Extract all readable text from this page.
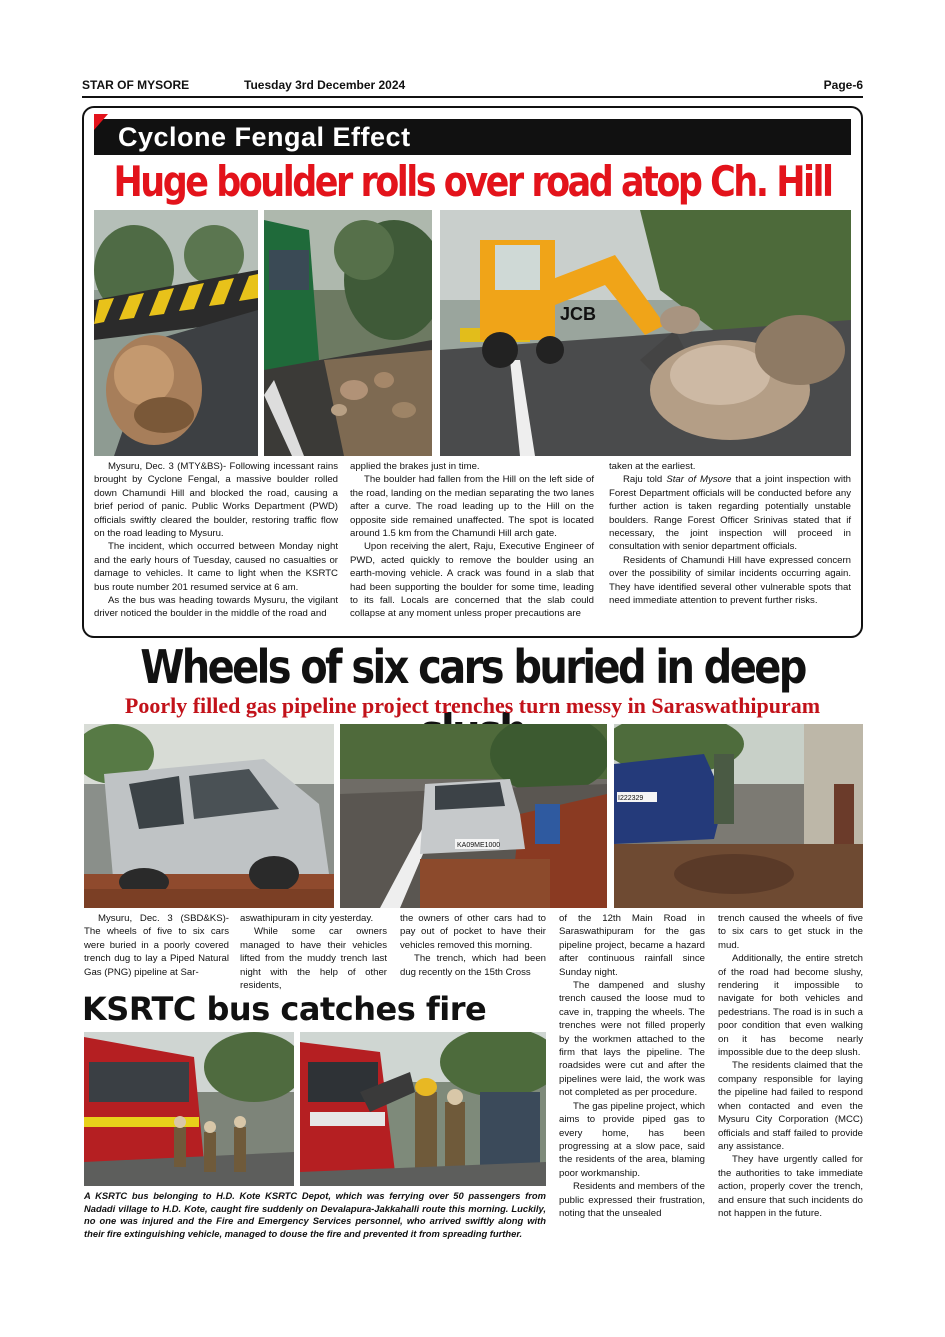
STAR OF MYSORE	Tuesday 3rd December 2024	Page-6
Cyclone Fengal Effect
Huge boulder rolls over road atop Ch. Hill
JCB

Mysuru, Dec. 3 (MTY&BS)- Following incessant rains brought by Cyclone Fengal, a massive boulder rolled down Chamundi Hill and blocked the road, causing a brief period of panic. Public Works Department (PWD) officials swiftly cleared the boulder, restoring traffic flow on the road leading to Mysuru.

The incident, which occurred between Monday night and the early hours of Tuesday, caused no casualties or damage to vehicles. It came to light when the KSRTC bus route number 201 resumed service at 6 am.

As the bus was heading towards Mysuru, the vigilant driver noticed the boulder in the middle of the road and

applied the brakes just in time.

The boulder had fallen from the Hill on the left side of the road, landing on the median separating the two lanes after a curve. The road leading up to the Hill on the opposite side remained unaffected. The spot is located around 1.5 km from the Chamundi Hill arch gate.

Upon receiving the alert, Raju, Executive Engineer of PWD, acted quickly to remove the boulder using an earth-moving vehicle. A crack was found in a slab that had been supporting the boulder for some time, leading to its fall. Locals are concerned that the slab could collapse at any moment unless proper precautions are

taken at the earliest.

Raju told Star of Mysore that a joint inspection with Forest Department officials will be conducted before any further action is taken regarding potentially unstable boulders. Range Forest Officer Srinivas stated that if necessary, the joint inspection will proceed in consultation with senior department officials.

Residents of Chamundi Hill have expressed concern over the possibility of similar incidents occurring again. They have identified several other vulnerable spots that need immediate attention to prevent further risks.

Wheels of six cars buried in deep
Poorly filled gas pipeline project trenches turn messy in Saraswathipuram
KA09ME1000
I222329

Mysuru, Dec. 3 (SBD&KS)- The wheels of five to six cars were buried in a poorly covered trench dug to lay a Piped Natural Gas (PNG) pipeline at Sar-

aswathipuram in city yesterday.

While some car owners managed to have their vehicles lifted from the muddy trench last night with the help of other residents,

the owners of other cars had to pay out of pocket to have their vehicles removed this morning.

The trench, which had been dug recently on the 15th Cross

of the 12th Main Road in Saraswathipuram for the gas pipeline project, became a hazard after continuous rainfall since Sunday night.

The dampened and slushy trench caused the loose mud to cave in, trapping the wheels. The trenches were not filled properly by the workmen attached to the firm that lays the pipeline. The roadsides were cut and after the pipelines were laid, the work was not completed as per procedure.

The gas pipeline project, which aims to provide piped gas to every home, has been progressing at a slow pace, said the residents of the area, blaming poor workmanship.

Residents and members of the public expressed their frustration, noting that the unsealed

trench caused the wheels of five to six cars to get stuck in the mud.

Additionally, the entire stretch of the road had become slushy, rendering it impossible to navigate for both vehicles and pedestrians. The road is in such a poor condition that even walking on it has become nearly impossible due to the deep slush.

The residents claimed that the company responsible for laying the pipeline had failed to respond when contacted and even the Mysuru City Corporation (MCC) officials and staff failed to provide any assistance.

They have urgently called for the authorities to take immediate action, properly cover the trench, and ensure that such incidents do not happen in the future.

KSRTC bus catches fire
A KSRTC bus belonging to H.D. Kote KSRTC Depot, which was ferrying over 50 passengers from Nadadi village to H.D. Kote, caught fire suddenly on Devalapura-Jakkahalli route this morning. Luckily, no one was injured and the Fire and Emergency Services personnel, who arrived swiftly along with their fire extinguishing vehicle, managed to douse the fire and prevented it from spreading further.
